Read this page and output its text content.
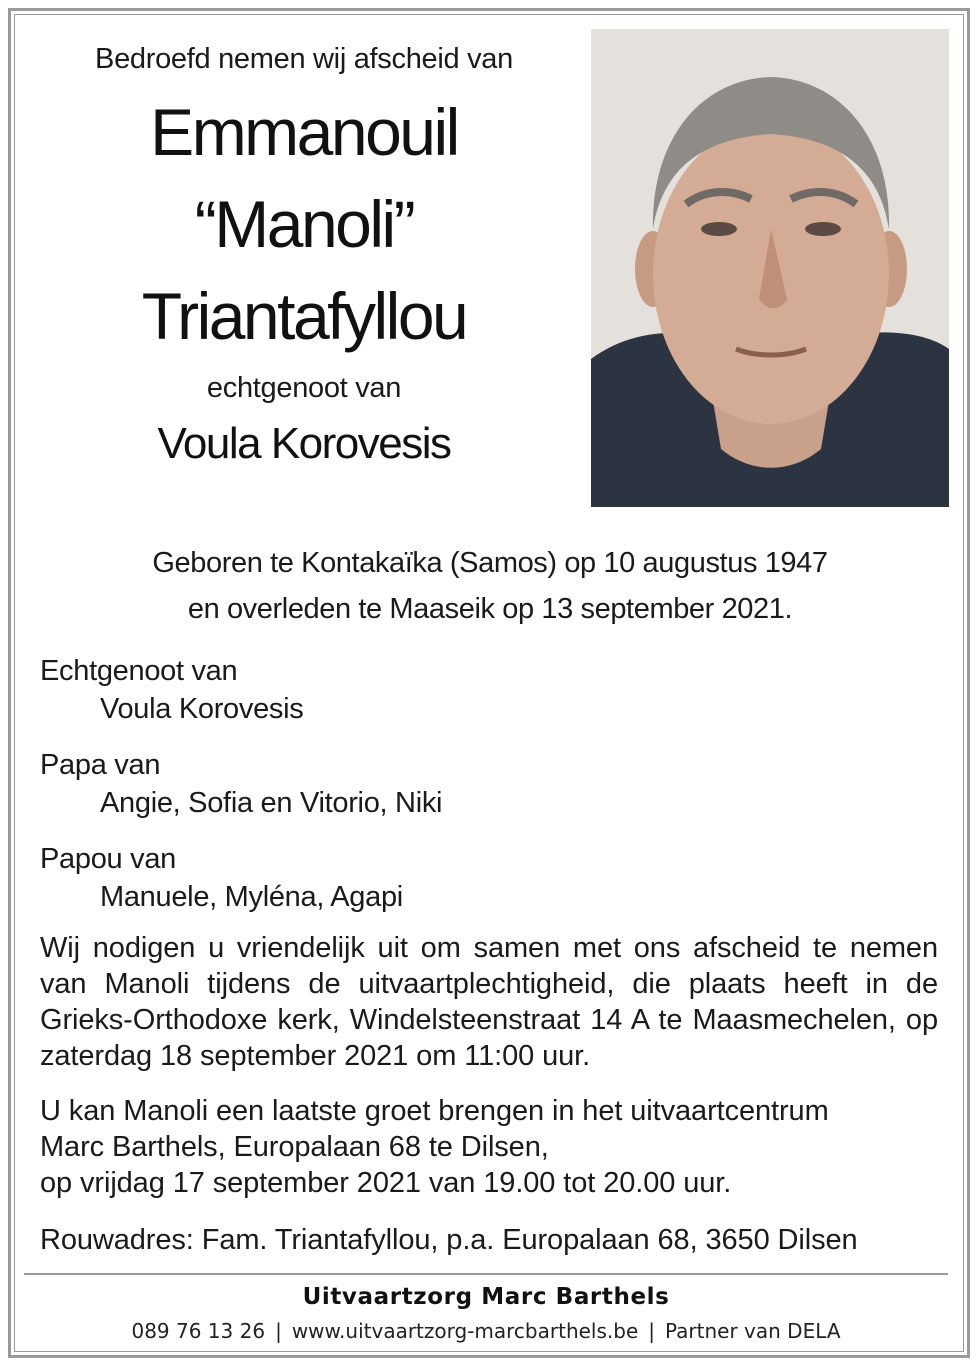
Bedroefd nemen wij afscheid van

Emmanouil
“Manoli”
Triantafyllou

echtgenoot van

Voula Korovesis

Geboren te Kontakaïka (Samos) op 10 augustus 1947
en overleden te Maaseik op 13 september 2021.
Echtgenoot van
Voula Korovesis
Papa van
Angie, Sofia en Vitorio, Niki
Papou van
Manuele, Myléna, Agapi

Wij nodigen u vriendelijk uit om samen met ons afscheid te nemen van Manoli tijdens de uitvaartplechtigheid, die plaats heeft in de Grieks-Orthodoxe kerk, Windelsteenstraat 14 A te Maasmechelen, op zaterdag 18 september 2021 om 11:00 uur.

U kan Manoli een laatste groet brengen in het uitvaartcentrum
Marc Barthels, Europalaan 68 te Dilsen,
op vrijdag 17 september 2021 van 19.00 tot 20.00 uur.

Rouwadres: Fam. Triantafyllou, p.a. Europalaan 68, 3650 Dilsen

Uitvaartzorg Marc Barthels

089 76 13 26 | www.uitvaartzorg-marcbarthels.be | Partner van DELA
